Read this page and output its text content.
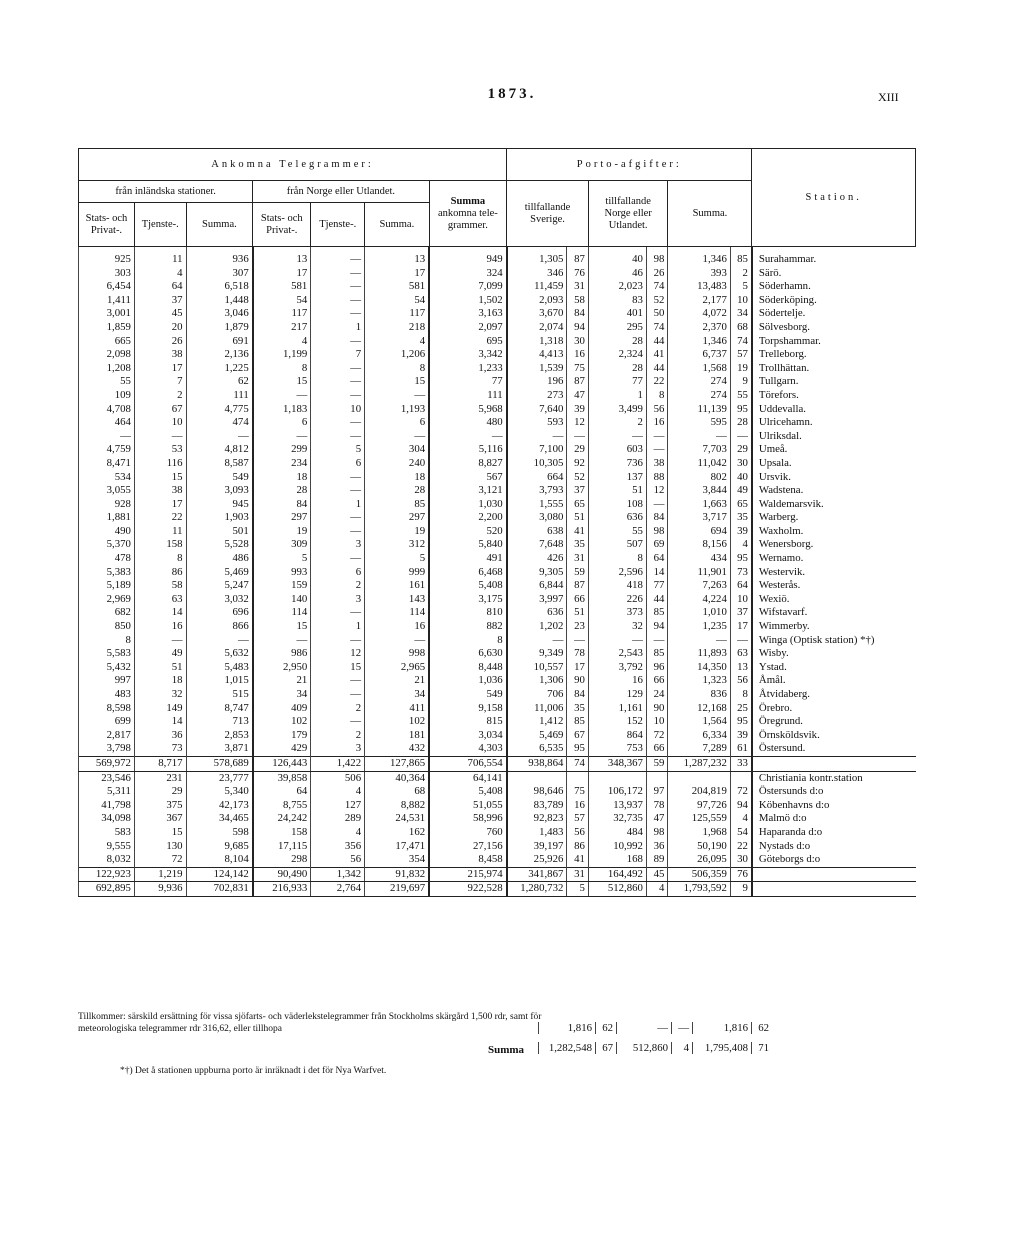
1873.	XIII
Ankomna Telegrammer:							Porto-afgifter:						Station.
från inländska stationer.			från Norge eller Utlandet.			Summa
ankomna tele-grammer.	tillfallande Sverige.		tillfallande Norge eller Utlandet.		Summa.		
Stats- och Privat-.	Tjenste-.	Summa.	Stats- och Privat-.	Tjenste-.	Summa.								

925	11	936	13	—	13	949	1,305	87	40	98	1,346	85	Surahammar.
303	4	307	17	—	17	324	346	76	46	26	393	2	Särö.
6,454	64	6,518	581	—	581	7,099	11,459	31	2,023	74	13,483	5	Söderhamn.
1,411	37	1,448	54	—	54	1,502	2,093	58	83	52	2,177	10	Söderköping.
3,001	45	3,046	117	—	117	3,163	3,670	84	401	50	4,072	34	Södertelje.
1,859	20	1,879	217	1	218	2,097	2,074	94	295	74	2,370	68	Sölvesborg.
665	26	691	4	—	4	695	1,318	30	28	44	1,346	74	Torpshammar.
2,098	38	2,136	1,199	7	1,206	3,342	4,413	16	2,324	41	6,737	57	Trelleborg.
1,208	17	1,225	8	—	8	1,233	1,539	75	28	44	1,568	19	Trollhättan.
55	7	62	15	—	15	77	196	87	77	22	274	9	Tullgarn.
109	2	111	—	—	—	111	273	47	1	8	274	55	Törefors.
4,708	67	4,775	1,183	10	1,193	5,968	7,640	39	3,499	56	11,139	95	Uddevalla.
464	10	474	6	—	6	480	593	12	2	16	595	28	Ulricehamn.
—	—	—	—	—	—	—	—	—	—	—	—	—	Ulriksdal.
4,759	53	4,812	299	5	304	5,116	7,100	29	603	—	7,703	29	Umeå.
8,471	116	8,587	234	6	240	8,827	10,305	92	736	38	11,042	30	Upsala.
534	15	549	18	—	18	567	664	52	137	88	802	40	Ursvik.
3,055	38	3,093	28	—	28	3,121	3,793	37	51	12	3,844	49	Wadstena.
928	17	945	84	1	85	1,030	1,555	65	108	—	1,663	65	Waldemarsvik.
1,881	22	1,903	297	—	297	2,200	3,080	51	636	84	3,717	35	Warberg.
490	11	501	19	—	19	520	638	41	55	98	694	39	Waxholm.
5,370	158	5,528	309	3	312	5,840	7,648	35	507	69	8,156	4	Wenersborg.
478	8	486	5	—	5	491	426	31	8	64	434	95	Wernamo.
5,383	86	5,469	993	6	999	6,468	9,305	59	2,596	14	11,901	73	Westervik.
5,189	58	5,247	159	2	161	5,408	6,844	87	418	77	7,263	64	Westerås.
2,969	63	3,032	140	3	143	3,175	3,997	66	226	44	4,224	10	Wexiö.
682	14	696	114	—	114	810	636	51	373	85	1,010	37	Wifstavarf.
850	16	866	15	1	16	882	1,202	23	32	94	1,235	17	Wimmerby.
8	—	—	—	—	—	8	—	—	—	—	—	—	Winga (Optisk station) *†)
5,583	49	5,632	986	12	998	6,630	9,349	78	2,543	85	11,893	63	Wisby.
5,432	51	5,483	2,950	15	2,965	8,448	10,557	17	3,792	96	14,350	13	Ystad.
997	18	1,015	21	—	21	1,036	1,306	90	16	66	1,323	56	Åmål.
483	32	515	34	—	34	549	706	84	129	24	836	8	Åtvidaberg.
8,598	149	8,747	409	2	411	9,158	11,006	35	1,161	90	12,168	25	Örebro.
699	14	713	102	—	102	815	1,412	85	152	10	1,564	95	Öregrund.
2,817	36	2,853	179	2	181	3,034	5,469	67	864	72	6,334	39	Örnsköldsvik.
3,798	73	3,871	429	3	432	4,303	6,535	95	753	66	7,289	61	Östersund.
569,972	8,717	578,689	126,443	1,422	127,865	706,554	938,864	74	348,367	59	1,287,232	33	
23,546	231	23,777	39,858	506	40,364	64,141							Christiania kontr.station
5,311	29	5,340	64	4	68	5,408	98,646	75	106,172	97	204,819	72	Östersunds d:o
41,798	375	42,173	8,755	127	8,882	51,055	83,789	16	13,937	78	97,726	94	Köbenhavns d:o
34,098	367	34,465	24,242	289	24,531	58,996	92,823	57	32,735	47	125,559	4	Malmö d:o
583	15	598	158	4	162	760	1,483	56	484	98	1,968	54	Haparanda d:o
9,555	130	9,685	17,115	356	17,471	27,156	39,197	86	10,992	36	50,190	22	Nystads d:o
8,032	72	8,104	298	56	354	8,458	25,926	41	168	89	26,095	30	Göteborgs d:o
122,923	1,219	124,142	90,490	1,342	91,832	215,974	341,867	31	164,492	45	506,359	76	
692,895	9,936	702,831	216,933	2,764	219,697	922,528	1,280,732	5	512,860	4	1,793,592	9	
Tillkommer: särskild ersättning för vissa sjöfarts- och väderlekstelegrammer från Stockholms skärgård 1,500 rdr, samt för meteorologiska telegrammer rdr 316,62, eller tillhopa	1,816 62	— —	1,816 62
Summa	1,282,548 67 512,860 4 1,795,408 71
*†) Det å stationen uppburna porto är inräknadt i det för Nya Warfvet.
